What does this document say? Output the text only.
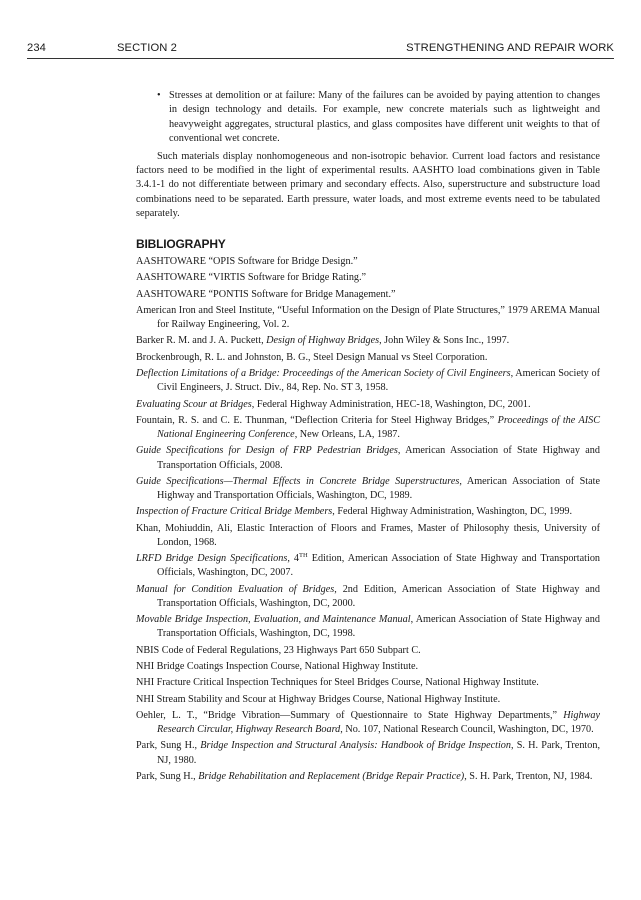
234	SECTION 2	STRENGTHENING AND REPAIR WORK
• Stresses at demolition or at failure: Many of the failures can be avoided by paying attention to changes in design technology and details. For example, new concrete materials such as lightweight and heavyweight aggregates, structural plastics, and glass composites have different unit weights to that of conventional wet concrete.

Such materials display nonhomogeneous and non-isotropic behavior. Current load factors and resistance factors need to be modified in the light of experimental results. AASHTO load combinations given in Table 3.4.1-1 do not differentiate between primary and secondary effects. Also, superstructure and substructure load combinations need to be separated. Earth pressure, water loads, and most extreme events need to be tabulated separately.

BIBLIOGRAPHY

AASHTOWARE “OPIS Software for Bridge Design.”

AASHTOWARE “VIRTIS Software for Bridge Rating.”

AASHTOWARE “PONTIS Software for Bridge Management.”

American Iron and Steel Institute, “Useful Information on the Design of Plate Structures,” 1979 AREMA Manual for Railway Engineering, Vol. 2.

Barker R. M. and J. A. Puckett, Design of Highway Bridges, John Wiley & Sons Inc., 1997.

Brockenbrough, R. L. and Johnston, B. G., Steel Design Manual vs Steel Corporation.

Deflection Limitations of a Bridge: Proceedings of the American Society of Civil Engineers, American Society of Civil Engineers, J. Struct. Div., 84, Rep. No. ST 3, 1958.

Evaluating Scour at Bridges, Federal Highway Administration, HEC-18, Washington, DC, 2001.

Fountain, R. S. and C. E. Thunman, “Deflection Criteria for Steel Highway Bridges,” Proceedings of the AISC National Engineering Conference, New Orleans, LA, 1987.

Guide Specifications for Design of FRP Pedestrian Bridges, American Association of State Highway and Transportation Officials, 2008.

Guide Specifications—Thermal Effects in Concrete Bridge Superstructures, American Association of State Highway and Transportation Officials, Washington, DC, 1989.

Inspection of Fracture Critical Bridge Members, Federal Highway Administration, Washington, DC, 1999.

Khan, Mohiuddin, Ali, Elastic Interaction of Floors and Frames, Master of Philosophy thesis, University of London, 1968.

LRFD Bridge Design Specifications, 4TH Edition, American Association of State Highway and Transportation Officials, Washington, DC, 2007.

Manual for Condition Evaluation of Bridges, 2nd Edition, American Association of State Highway and Transportation Officials, Washington, DC, 2000.

Movable Bridge Inspection, Evaluation, and Maintenance Manual, American Association of State Highway and Transportation Officials, Washington, DC, 1998.

NBIS Code of Federal Regulations, 23 Highways Part 650 Subpart C.

NHI Bridge Coatings Inspection Course, National Highway Institute.

NHI Fracture Critical Inspection Techniques for Steel Bridges Course, National Highway Institute.

NHI Stream Stability and Scour at Highway Bridges Course, National Highway Institute.

Oehler, L. T., “Bridge Vibration—Summary of Questionnaire to State Highway Departments,” Highway Research Circular, Highway Research Board, No. 107, National Research Council, Washington, DC, 1970.

Park, Sung H., Bridge Inspection and Structural Analysis: Handbook of Bridge Inspection, S. H. Park, Trenton, NJ, 1980.

Park, Sung H., Bridge Rehabilitation and Replacement (Bridge Repair Practice), S. H. Park, Trenton, NJ, 1984.
